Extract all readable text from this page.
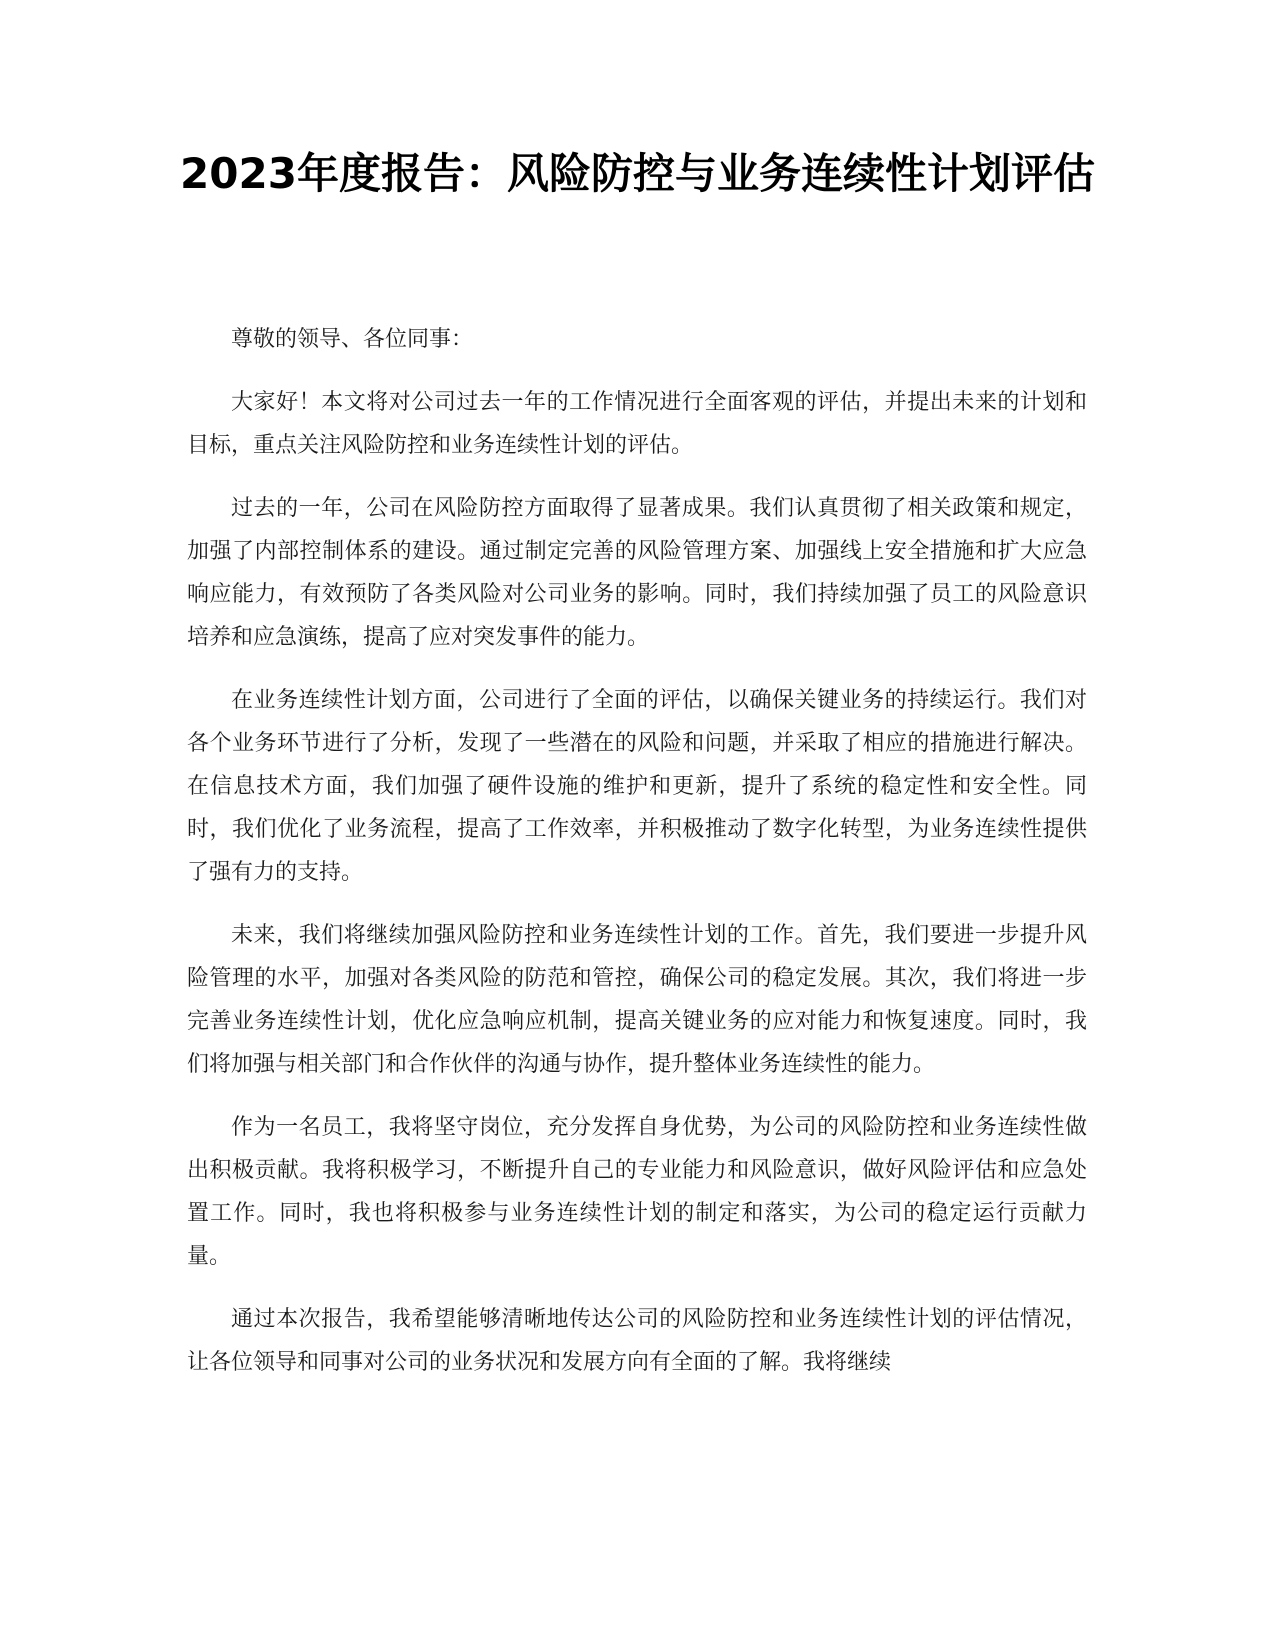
2023年度报告：风险防控与业务连续性计划评估

尊敬的领导、各位同事：

大家好！本文将对公司过去一年的工作情况进行全面客观的评估，并提出未来的计划和目标，重点关注风险防控和业务连续性计划的评估。

过去的一年，公司在风险防控方面取得了显著成果。我们认真贯彻了相关政策和规定，加强了内部控制体系的建设。通过制定完善的风险管理方案、加强线上安全措施和扩大应急响应能力，有效预防了各类风险对公司业务的影响。同时，我们持续加强了员工的风险意识培养和应急演练，提高了应对突发事件的能力。

在业务连续性计划方面，公司进行了全面的评估，以确保关键业务的持续运行。我们对各个业务环节进行了分析，发现了一些潜在的风险和问题，并采取了相应的措施进行解决。在信息技术方面，我们加强了硬件设施的维护和更新，提升了系统的稳定性和安全性。同时，我们优化了业务流程，提高了工作效率，并积极推动了数字化转型，为业务连续性提供了强有力的支持。

未来，我们将继续加强风险防控和业务连续性计划的工作。首先，我们要进一步提升风险管理的水平，加强对各类风险的防范和管控，确保公司的稳定发展。其次，我们将进一步完善业务连续性计划，优化应急响应机制，提高关键业务的应对能力和恢复速度。同时，我们将加强与相关部门和合作伙伴的沟通与协作，提升整体业务连续性的能力。

作为一名员工，我将坚守岗位，充分发挥自身优势，为公司的风险防控和业务连续性做出积极贡献。我将积极学习，不断提升自己的专业能力和风险意识，做好风险评估和应急处置工作。同时，我也将积极参与业务连续性计划的制定和落实，为公司的稳定运行贡献力量。

通过本次报告，我希望能够清晰地传达公司的风险防控和业务连续性计划的评估情况，让各位领导和同事对公司的业务状况和发展方向有全面的了解。我将继续
